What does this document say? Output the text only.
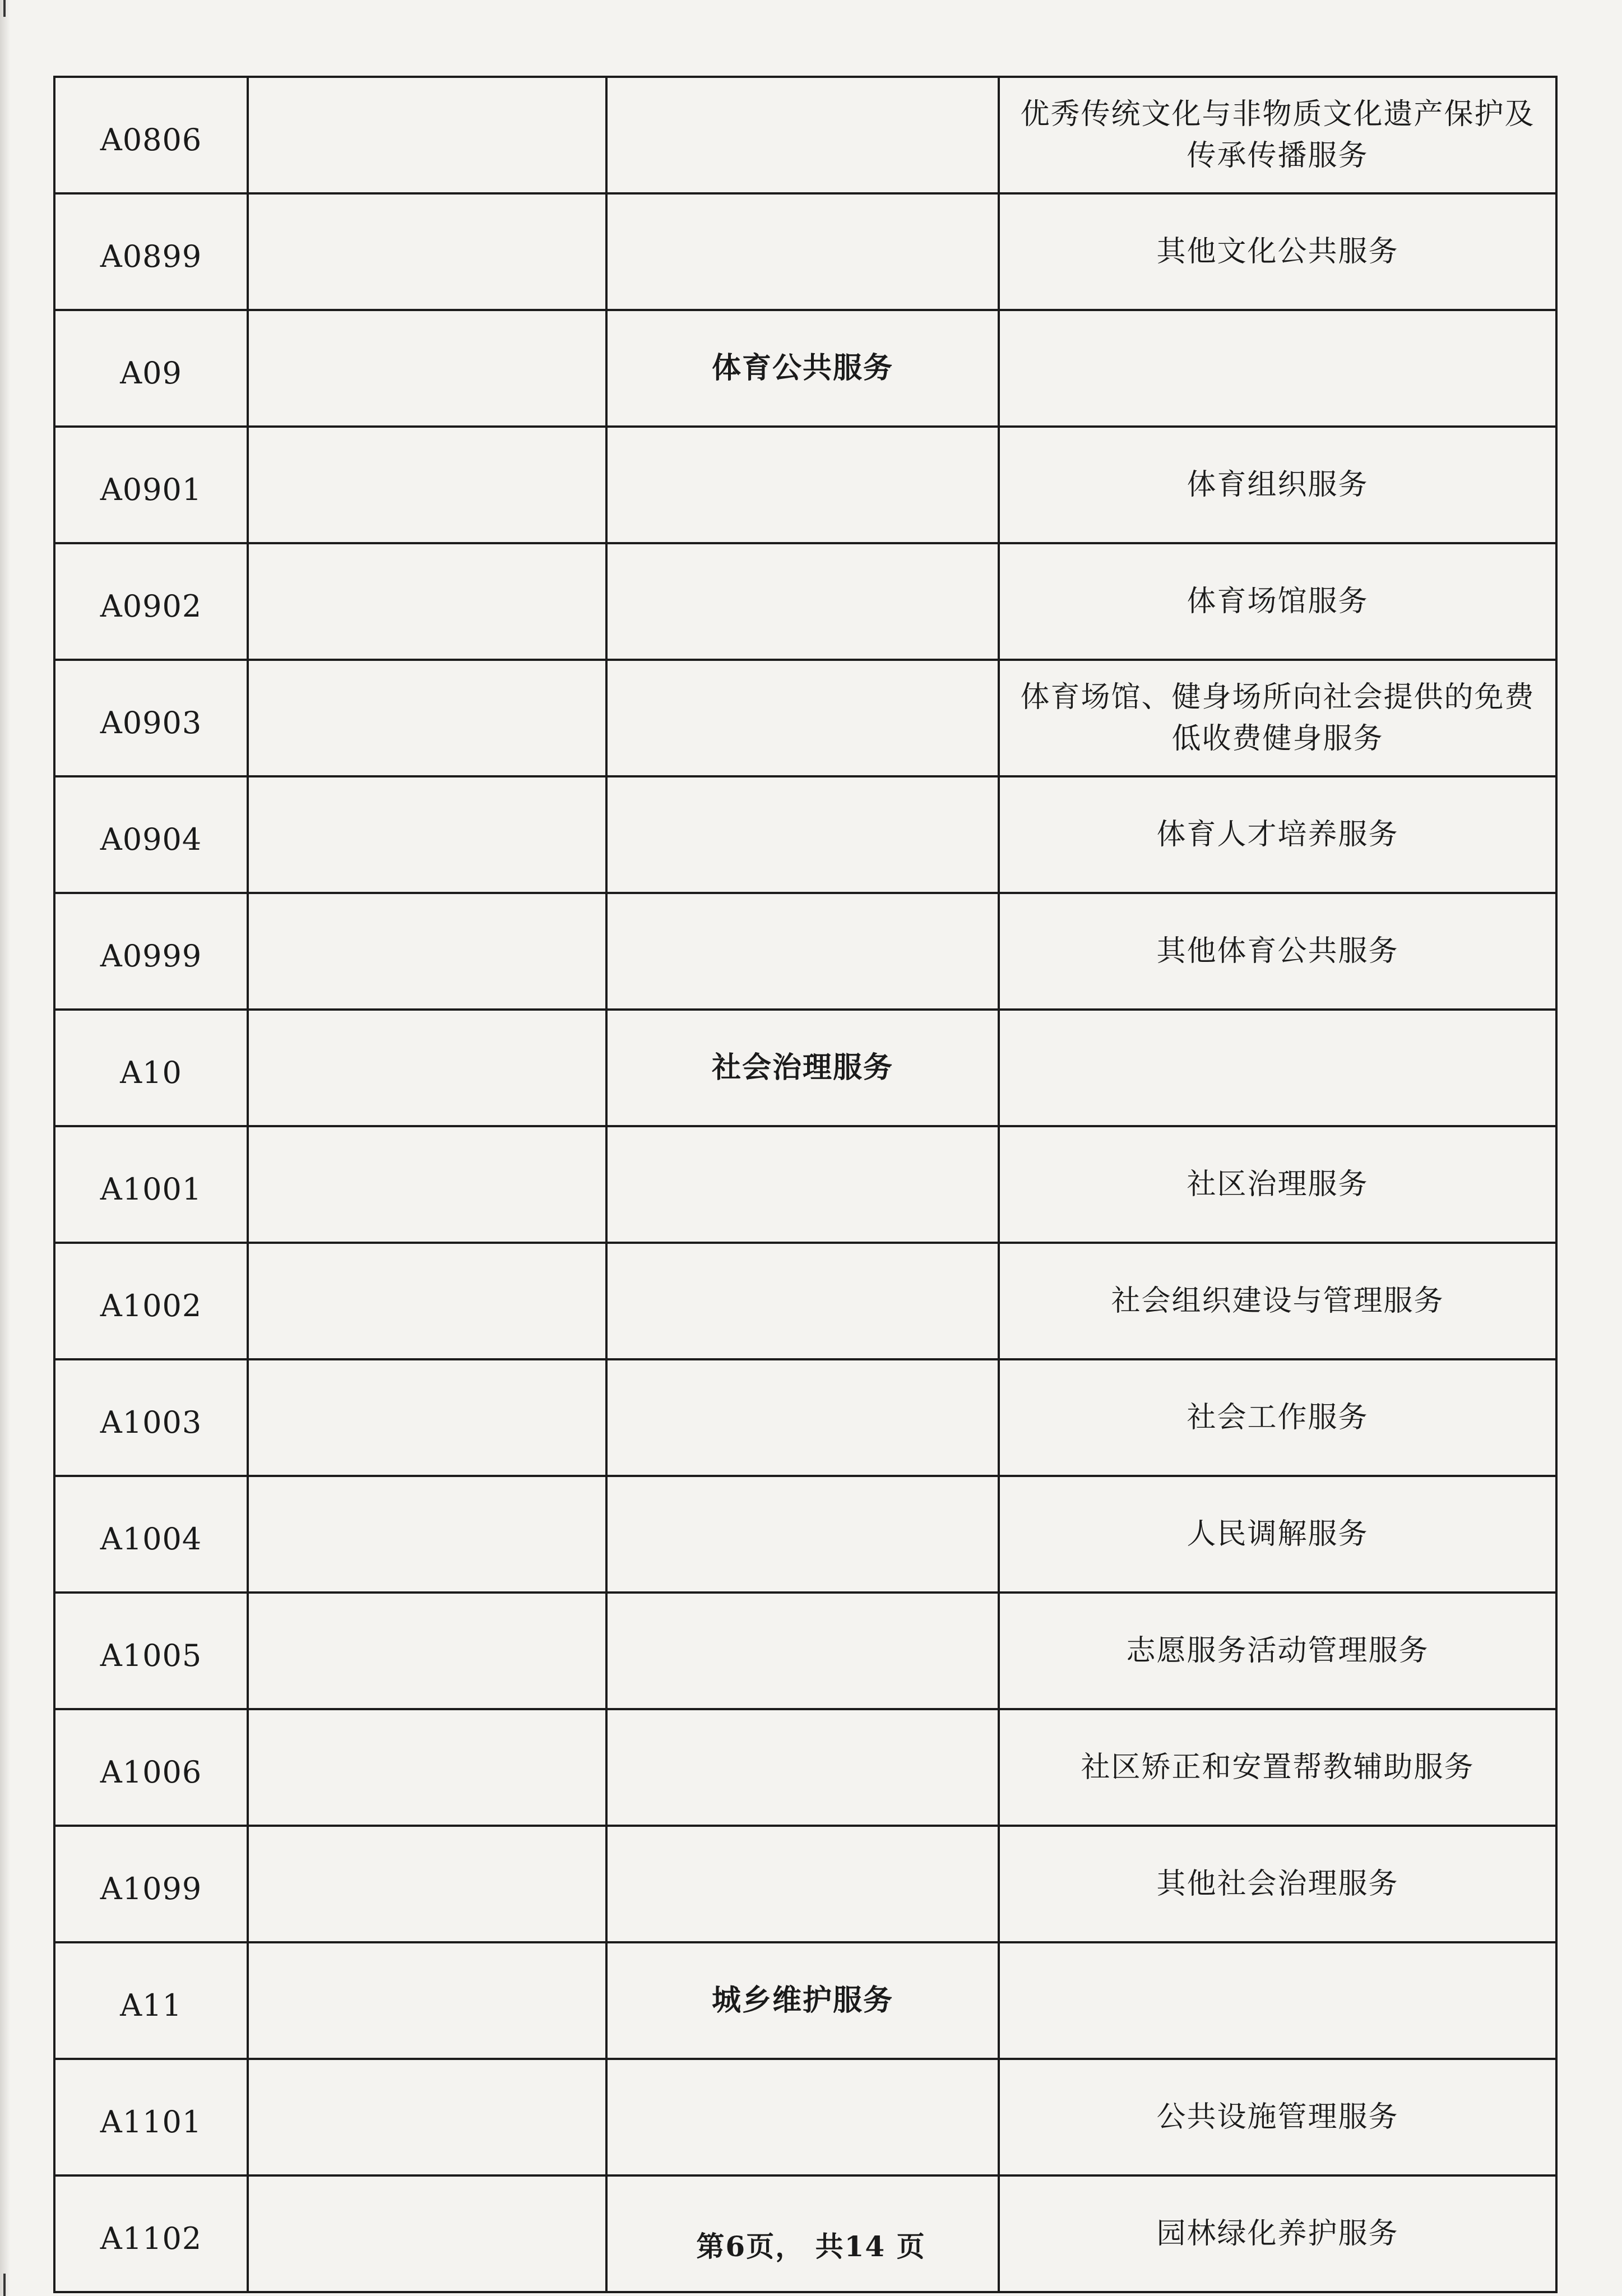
A0806			优秀传统文化与非物质文化遗产保护及传承传播服务
A0899			其他文化公共服务
A09		体育公共服务	
A0901			体育组织服务
A0902			体育场馆服务
A0903			体育场馆、健身场所向社会提供的免费低收费健身服务
A0904			体育人才培养服务
A0999			其他体育公共服务
A10		社会治理服务	
A1001			社区治理服务
A1002			社会组织建设与管理服务
A1003			社会工作服务
A1004			人民调解服务
A1005			志愿服务活动管理服务
A1006			社区矫正和安置帮教辅助服务
A1099			其他社会治理服务
A11		城乡维护服务	
A1101			公共设施管理服务
A1102			园林绿化养护服务
第6页， 共14 页
